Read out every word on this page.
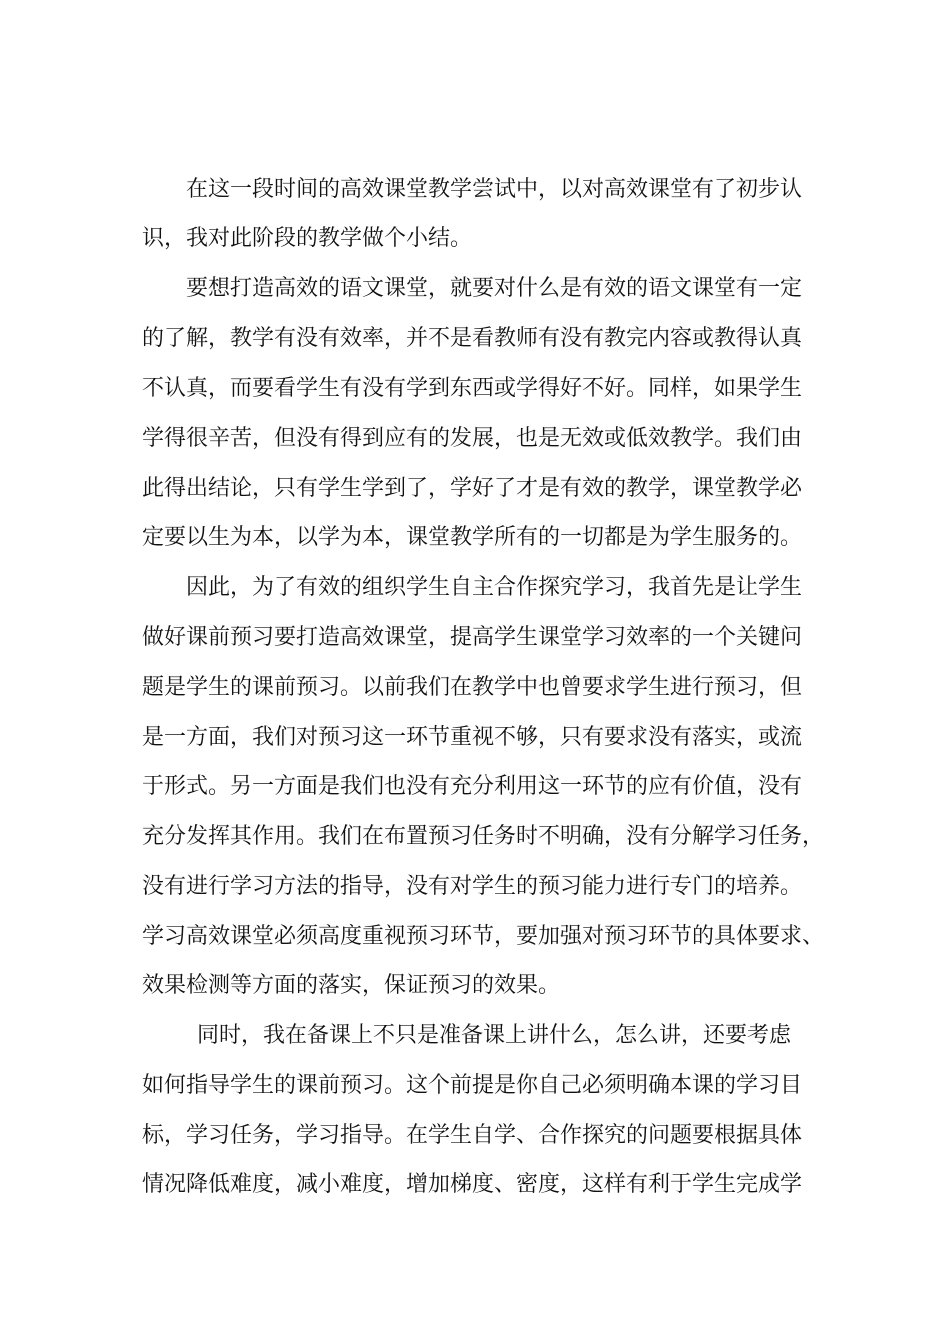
在这一段时间的高效课堂教学尝试中，以对高效课堂有了初步认
识，我对此阶段的教学做个小结。
要想打造高效的语文课堂，就要对什么是有效的语文课堂有一定
的了解，教学有没有效率，并不是看教师有没有教完内容或教得认真
不认真，而要看学生有没有学到东西或学得好不好。同样，如果学生
学得很辛苦，但没有得到应有的发展，也是无效或低效教学。我们由
此得出结论，只有学生学到了，学好了才是有效的教学，课堂教学必
定要以生为本，以学为本，课堂教学所有的一切都是为学生服务的。
因此，为了有效的组织学生自主合作探究学习，我首先是让学生
做好课前预习要打造高效课堂，提高学生课堂学习效率的一个关键问
题是学生的课前预习。以前我们在教学中也曾要求学生进行预习，但
是一方面，我们对预习这一环节重视不够，只有要求没有落实，或流
于形式。另一方面是我们也没有充分利用这一环节的应有价值，没有
充分发挥其作用。我们在布置预习任务时不明确，没有分解学习任务，
没有进行学习方法的指导，没有对学生的预习能力进行专门的培养。
学习高效课堂必须高度重视预习环节，要加强对预习环节的具体要求、
效果检测等方面的落实，保证预习的效果。
同时，我在备课上不只是准备课上讲什么，怎么讲，还要考虑
如何指导学生的课前预习。这个前提是你自己必须明确本课的学习目
标，学习任务，学习指导。在学生自学、合作探究的问题要根据具体
情况降低难度，减小难度，增加梯度、密度，这样有利于学生完成学
